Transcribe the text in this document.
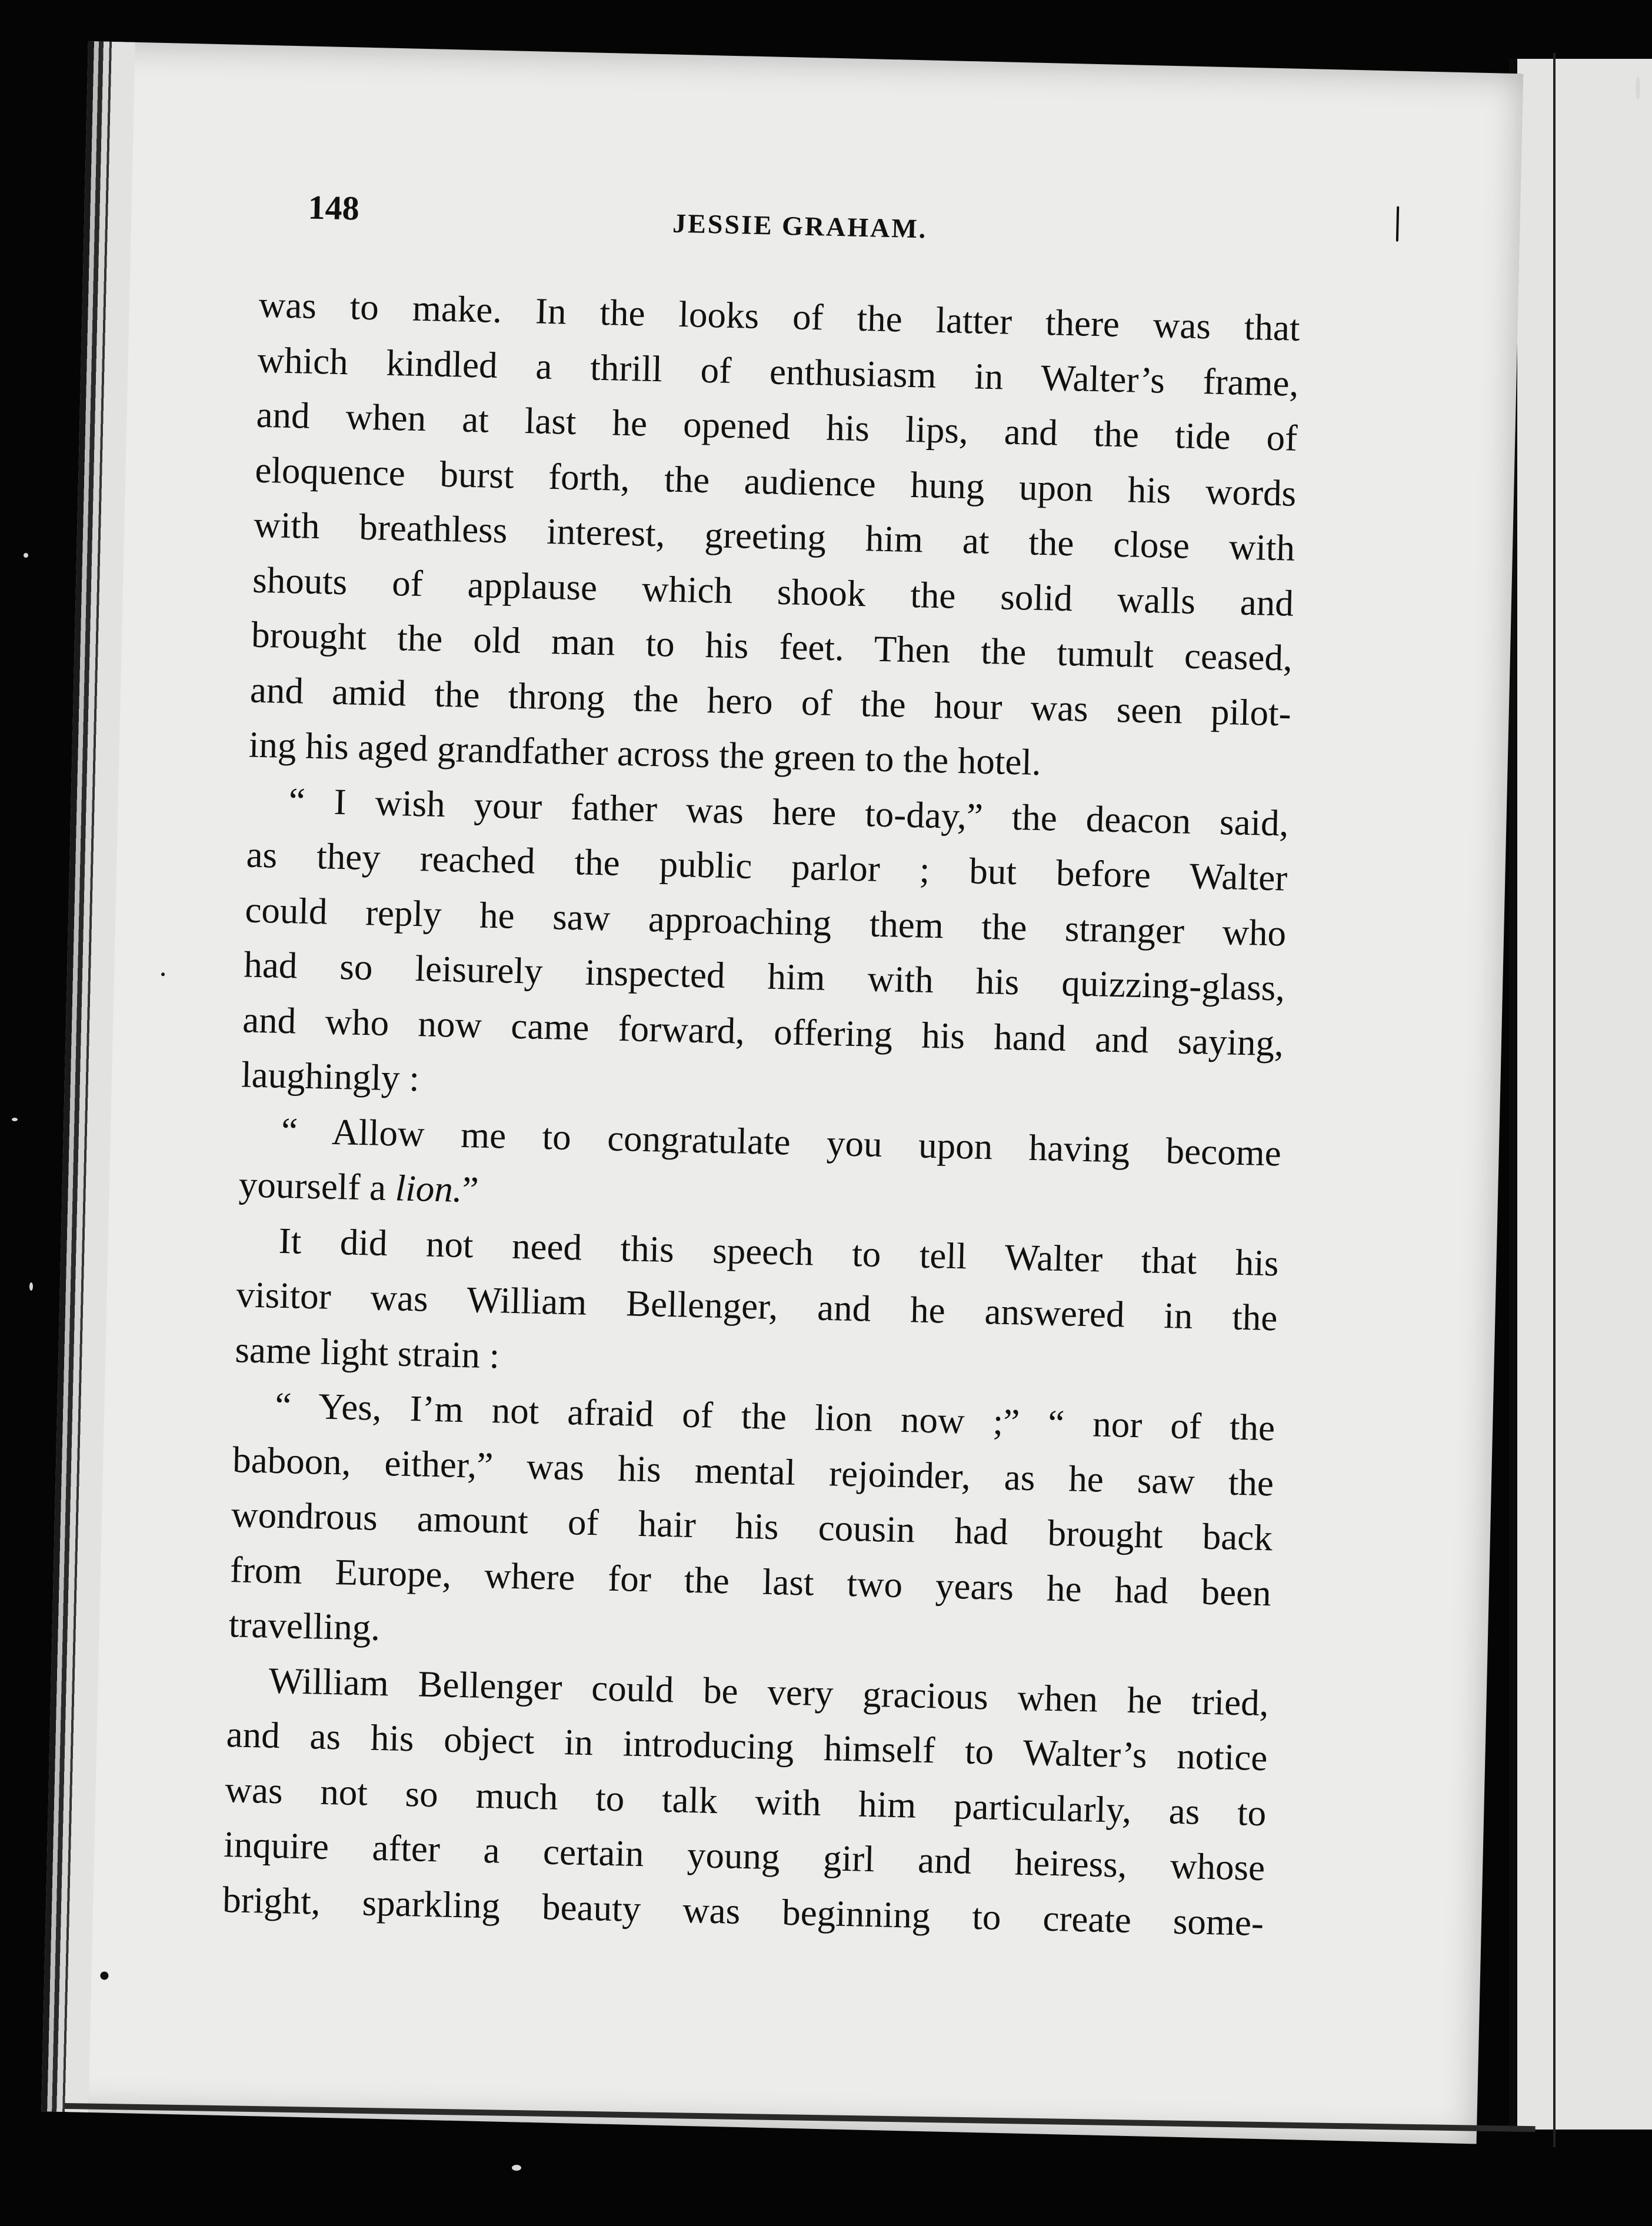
148	JESSIE GRAHAM.
was to make. In the looks of the latter there was that
which kindled a thrill of enthusiasm in Walter’s frame,
and when at last he opened his lips, and the tide of
eloquence burst forth, the audience hung upon his words
with breathless interest, greeting him at the close with
shouts of applause which shook the solid walls and
brought the old man to his feet. Then the tumult ceased,
and amid the throng the hero of the hour was seen pilot-
ing his aged grandfather across the green to the hotel.
“ I wish your father was here to-day,” the deacon said,
as they reached the public parlor ; but before Walter
could reply he saw approaching them the stranger who
had so leisurely inspected him with his quizzing-glass,
and who now came forward, offering his hand and saying,
laughingly :
“ Allow me to congratulate you upon having become
yourself a lion.”
It did not need this speech to tell Walter that his
visitor was William Bellenger, and he answered in the
same light strain :
“ Yes, I’m not afraid of the lion now ;” “ nor of the
baboon, either,” was his mental rejoinder, as he saw the
wondrous amount of hair his cousin had brought back
from Europe, where for the last two years he had been
travelling.
William Bellenger could be very gracious when he tried,
and as his object in introducing himself to Walter’s notice
was not so much to talk with him particularly, as to
inquire after a certain young girl and heiress, whose
bright, sparkling beauty was beginning to create some-
